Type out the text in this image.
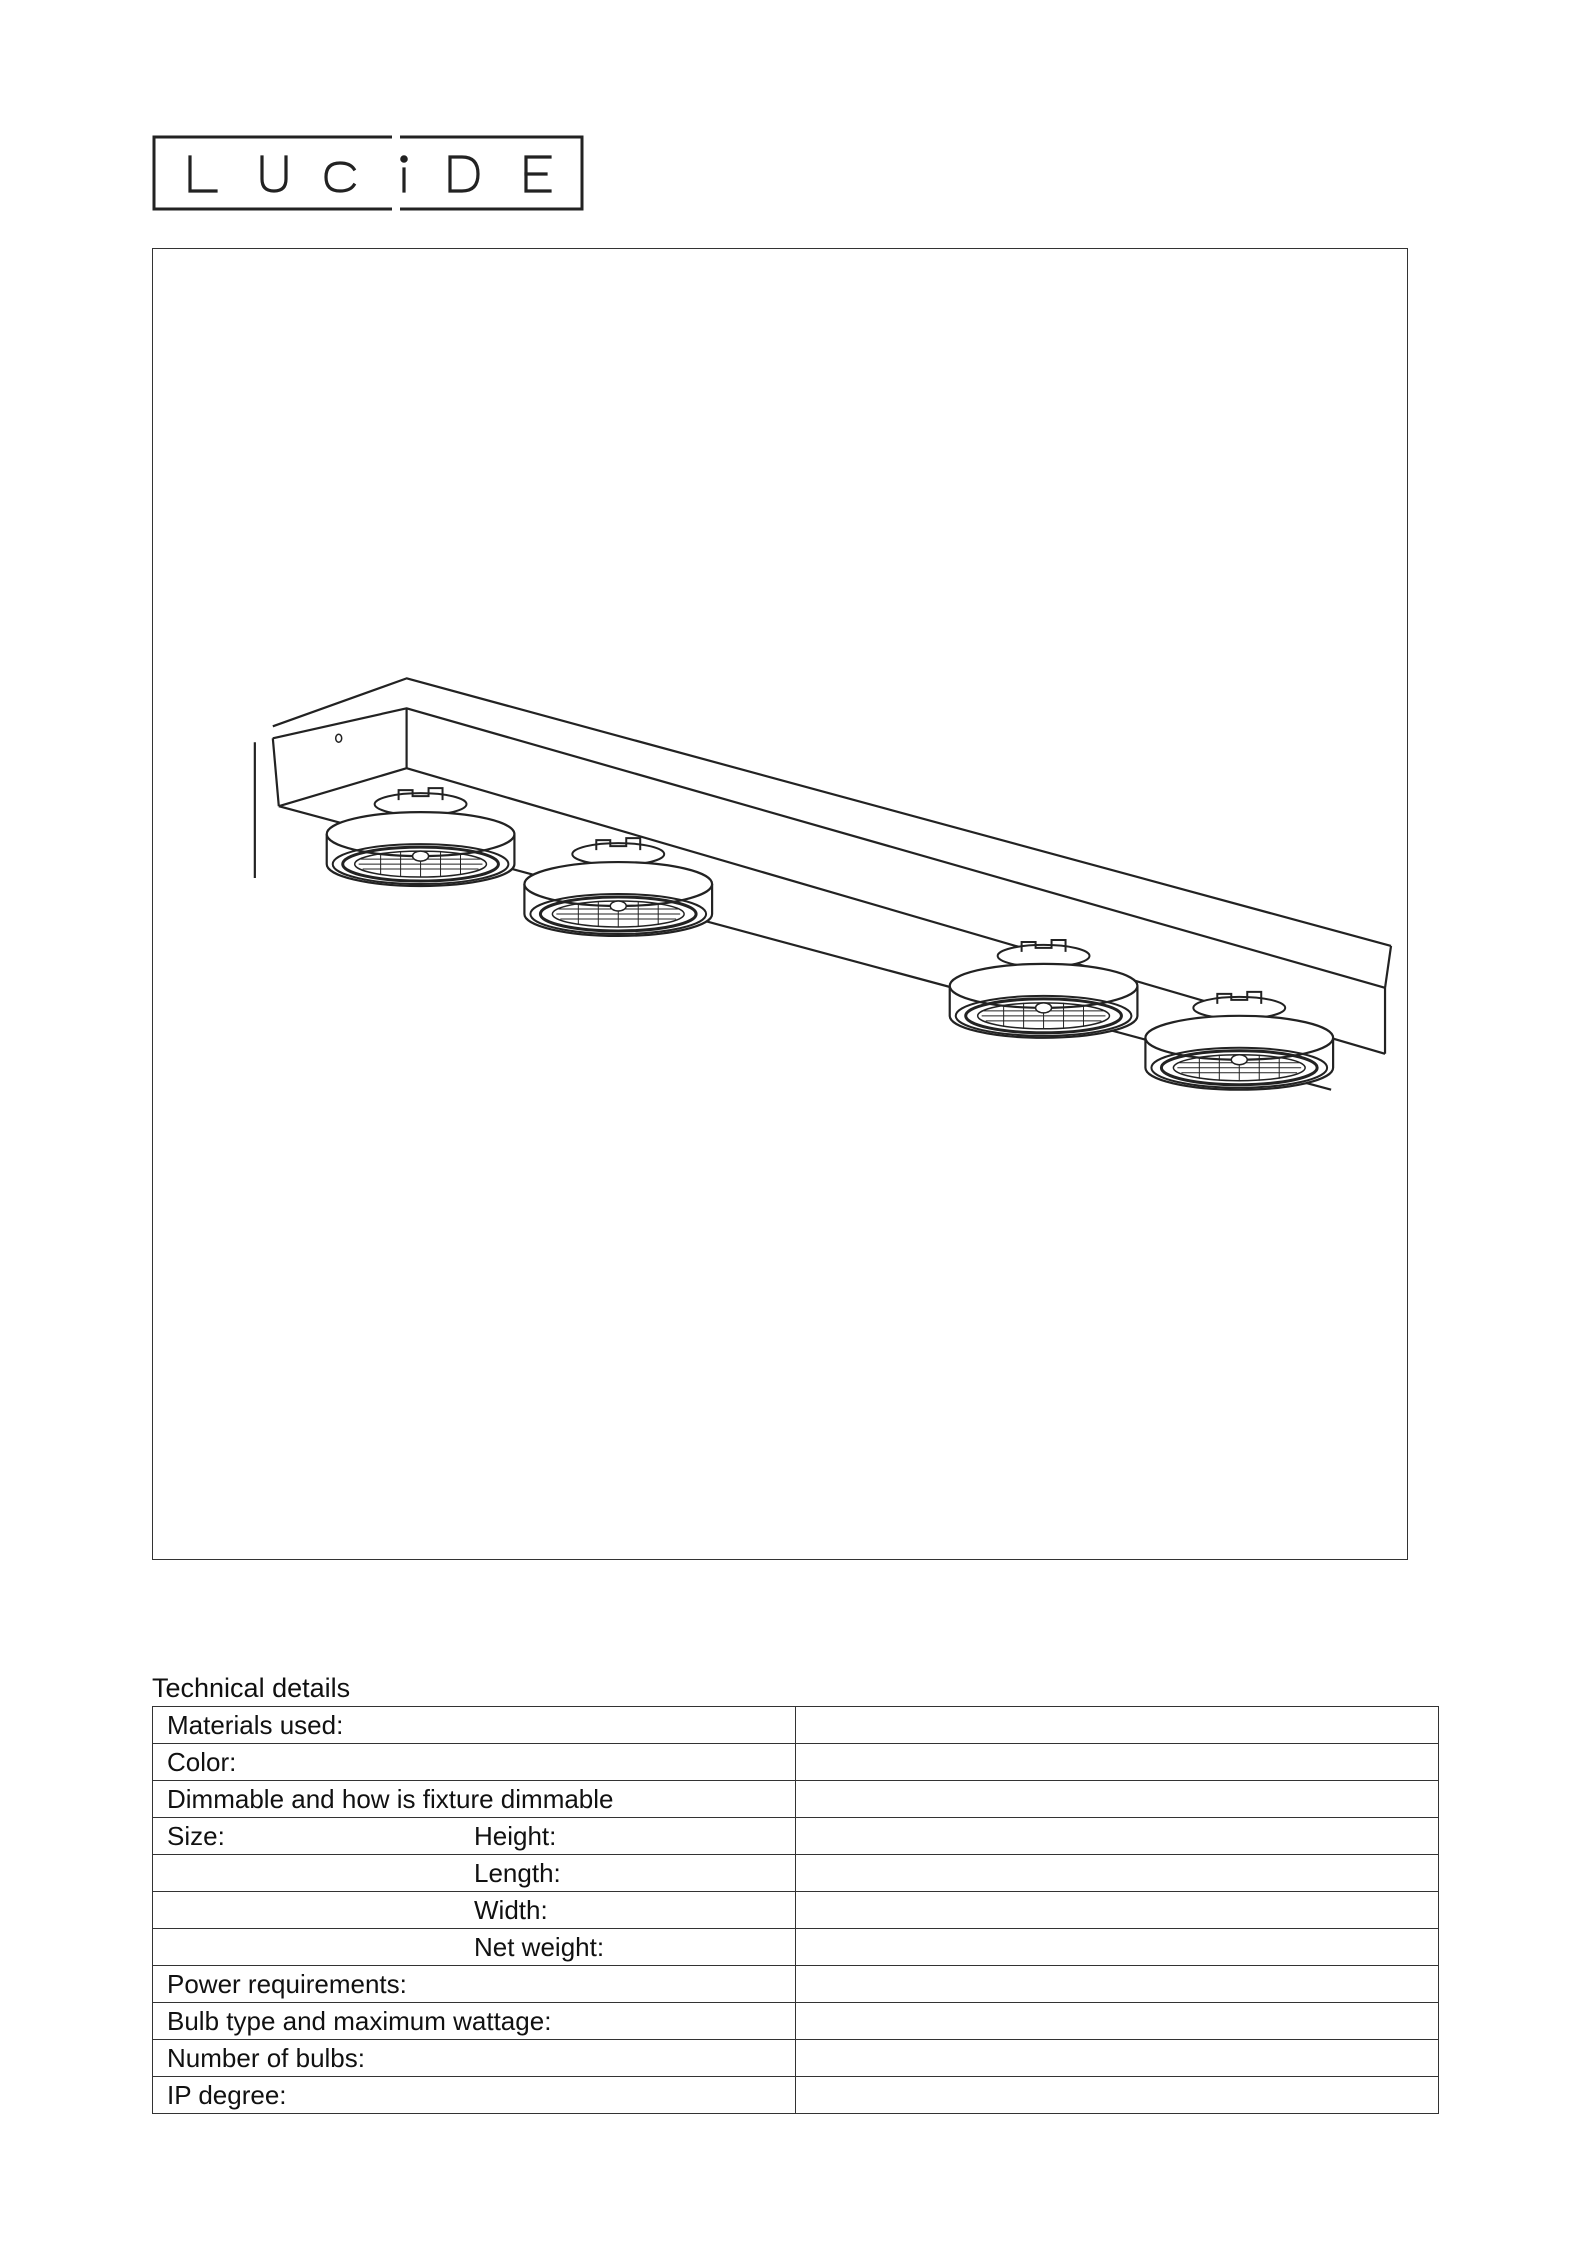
Technical details
Materials used:	
Color:	
Dimmable and how is fixture dimmable	
Size: Height:	

Length:	

Width:	

Net weight:	

Power requirements:	
Bulb type and maximum wattage:	
Number of bulbs:	
IP degree:	
